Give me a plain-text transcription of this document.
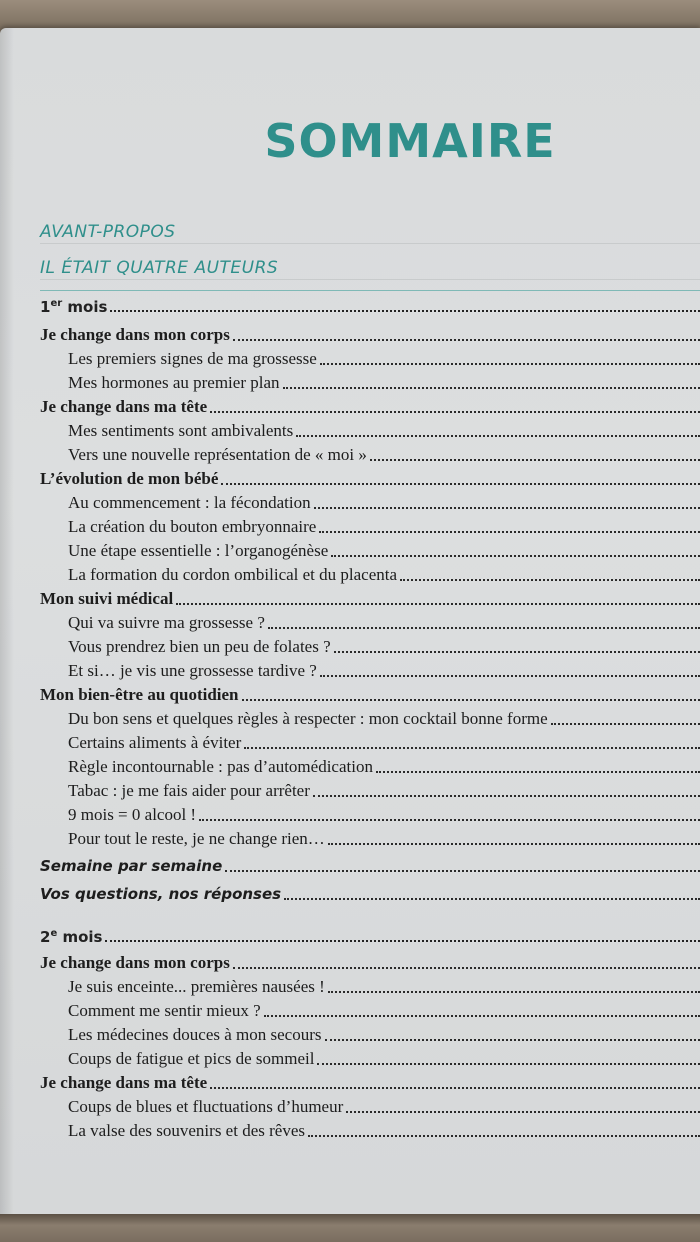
SOMMAIRE
AVANT-PROPOS
IL ÉTAIT QUATRE AUTEURS
1er mois
Je change dans mon corps
Les premiers signes de ma grossesse
Mes hormones au premier plan
Je change dans ma tête
Mes sentiments sont ambivalents
Vers une nouvelle représentation de « moi »
L’évolution de mon bébé
Au commencement : la fécondation
La création du bouton embryonnaire
Une étape essentielle : l’organogénèse
La formation du cordon ombilical et du placenta
Mon suivi médical
Qui va suivre ma grossesse ?
Vous prendrez bien un peu de folates ?
Et si… je vis une grossesse tardive ?
Mon bien-être au quotidien
Du bon sens et quelques règles à respecter : mon cocktail bonne forme
Certains aliments à éviter
Règle incontournable : pas d’automédication
Tabac : je me fais aider pour arrêter
9 mois = 0 alcool !
Pour tout le reste, je ne change rien…
Semaine par semaine
Vos questions, nos réponses
2e mois
Je change dans mon corps
Je suis enceinte... premières nausées !
Comment me sentir mieux ?
Les médecines douces à mon secours
Coups de fatigue et pics de sommeil
Je change dans ma tête
Coups de blues et fluctuations d’humeur
La valse des souvenirs et des rêves
